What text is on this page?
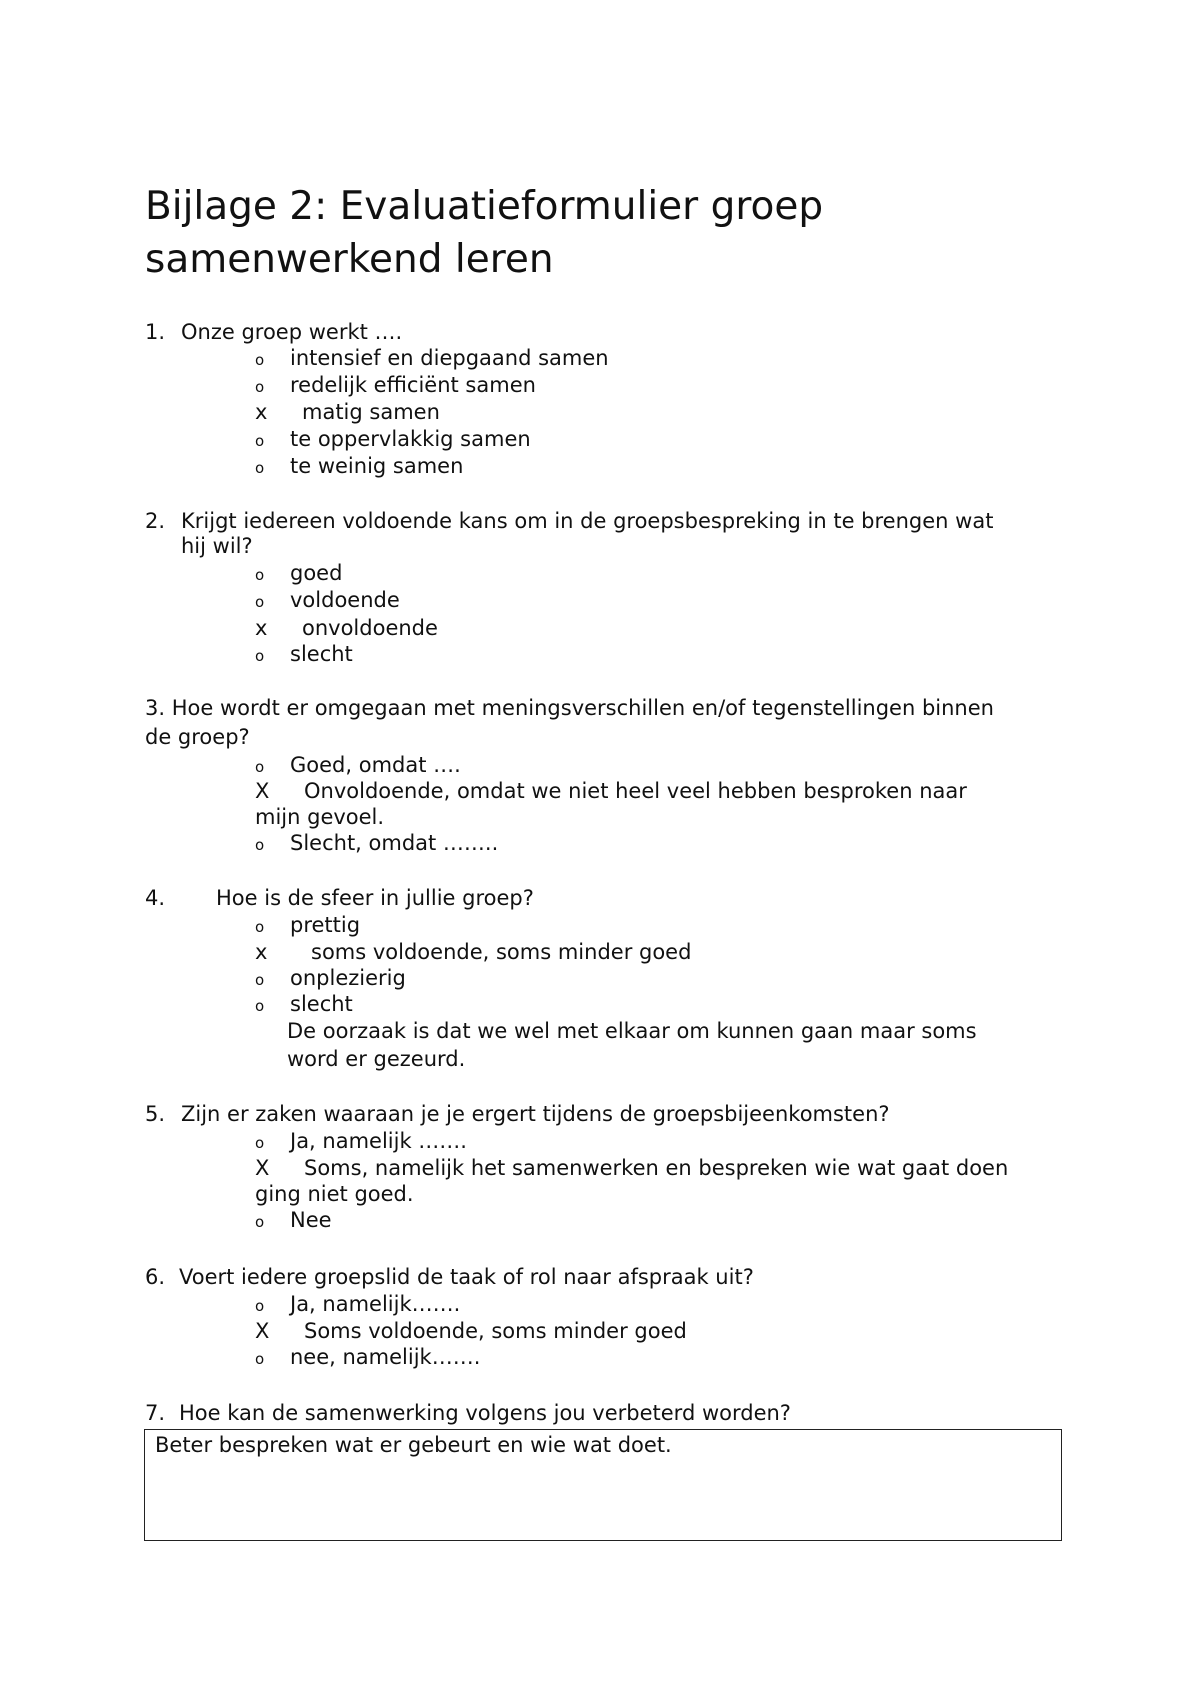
Bijlage 2: Evaluatieformulier groep samenwerkend leren
1. Onze groep werkt ….
o intensief en diepgaand samen
o redelijk efficiënt samen
x matig samen
o te oppervlakkig samen
o te weinig samen
2. Krijgt iedereen voldoende kans om in de groepsbespreking in te brengen wat
hij wil?
o goed
o voldoende
x onvoldoende
o slecht
3. Hoe wordt er omgegaan met meningsverschillen en/of tegenstellingen binnen
de groep?
o Goed, omdat ….
X Onvoldoende, omdat we niet heel veel hebben besproken naar
mijn gevoel.
o Slecht, omdat ……..
4. Hoe is de sfeer in jullie groep?
o prettig
x soms voldoende, soms minder goed
o onplezierig
o slecht
De oorzaak is dat we wel met elkaar om kunnen gaan maar soms
word er gezeurd.
5. Zijn er zaken waaraan je je ergert tijdens de groepsbijeenkomsten?
o Ja, namelijk …….
X Soms, namelijk het samenwerken en bespreken wie wat gaat doen
ging niet goed.
o Nee
6. Voert iedere groepslid de taak of rol naar afspraak uit?
o Ja, namelijk…….
X Soms voldoende, soms minder goed
o nee, namelijk…….
7. Hoe kan de samenwerking volgens jou verbeterd worden?
Beter bespreken wat er gebeurt en wie wat doet.
